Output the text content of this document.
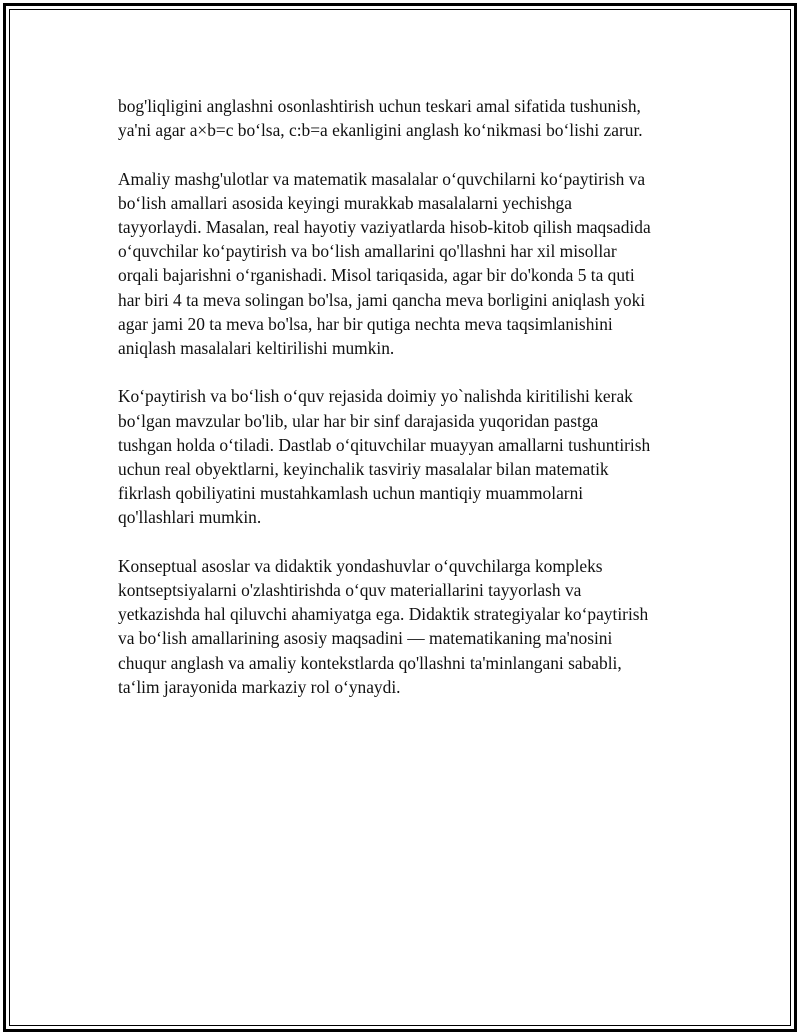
bog'liqligini anglashni osonlashtirish uchun teskari amal sifatida tushunish,
ya'ni agar a×b=c bo‘lsa, c:b=a ekanligini anglash ko‘nikmasi bo‘lishi zarur.

Amaliy mashg'ulotlar va matematik masalalar o‘quvchilarni ko‘paytirish va
bo‘lish amallari asosida keyingi murakkab masalalarni yechishga
tayyorlaydi. Masalan, real hayotiy vaziyatlarda hisob-kitob qilish maqsadida
o‘quvchilar ko‘paytirish va bo‘lish amallarini qo'llashni har xil misollar
orqali bajarishni o‘rganishadi. Misol tariqasida, agar bir do'konda 5 ta quti
har biri 4 ta meva solingan bo'lsa, jami qancha meva borligini aniqlash yoki
agar jami 20 ta meva bo'lsa, har bir qutiga nechta meva taqsimlanishini
aniqlash masalalari keltirilishi mumkin.

Ko‘paytirish va bo‘lish o‘quv rejasida doimiy yo`nalishda kiritilishi kerak
bo‘lgan mavzular bo'lib, ular har bir sinf darajasida yuqoridan pastga
tushgan holda o‘tiladi. Dastlab o‘qituvchilar muayyan amallarni tushuntirish
uchun real obyektlarni, keyinchalik tasviriy masalalar bilan matematik
fikrlash qobiliyatini mustahkamlash uchun mantiqiy muammolarni
qo'llashlari mumkin.

Konseptual asoslar va didaktik yondashuvlar o‘quvchilarga kompleks
kontseptsiyalarni o'zlashtirishda o‘quv materiallarini tayyorlash va
yetkazishda hal qiluvchi ahamiyatga ega. Didaktik strategiyalar ko‘paytirish
va bo‘lish amallarining asosiy maqsadini — matematikaning ma'nosini
chuqur anglash va amaliy kontekstlarda qo'llashni ta'minlangani sababli,
ta‘lim jarayonida markaziy rol o‘ynaydi.
